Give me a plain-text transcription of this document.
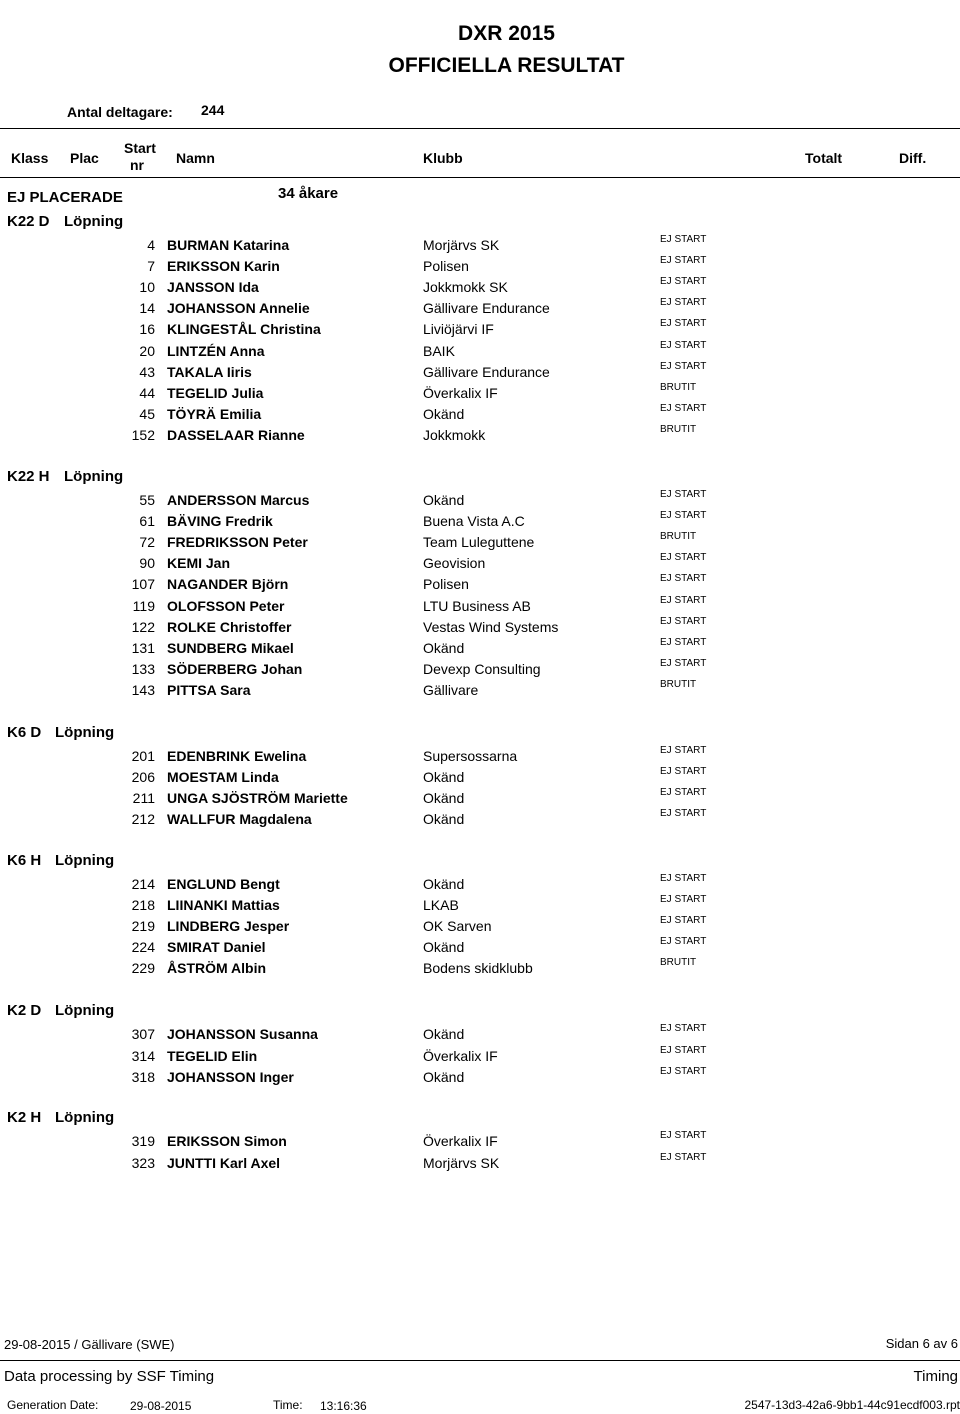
DXR 2015
OFFICIELLA RESULTAT
Antal deltagare: 244
Klass Plac
Start
nr Namn	Klubb	Totalt	Diff.
EJ PLACERADE	34 åkare
K22 D Löpning
4 BURMAN Katarina	Morjärvs SK	EJ START
7 ERIKSSON Karin	Polisen	EJ START
10 JANSSON Ida	Jokkmokk SK	EJ START
14 JOHANSSON Annelie	Gällivare Endurance	EJ START
16 KLINGESTÅL Christina	Liviöjärvi IF	EJ START
20 LINTZÉN Anna	BAIK	EJ START
43 TAKALA Iiris	Gällivare Endurance	EJ START
44 TEGELID Julia	Överkalix IF	BRUTIT
45 TÖYRÄ Emilia	Okänd	EJ START
152 DASSELAAR Rianne	Jokkmokk	BRUTIT
K22 H Löpning
55 ANDERSSON Marcus	Okänd	EJ START
61 BÄVING Fredrik	Buena Vista A.C	EJ START
72 FREDRIKSSON Peter	Team Luleguttene	BRUTIT
90 KEMI Jan	Geovision	EJ START
107 NAGANDER Björn	Polisen	EJ START
119 OLOFSSON Peter	LTU Business AB	EJ START
122 ROLKE Christoffer	Vestas Wind Systems	EJ START
131 SUNDBERG Mikael	Okänd	EJ START
133 SÖDERBERG Johan	Devexp Consulting	EJ START
143 PITTSA Sara	Gällivare	BRUTIT
K6 D Löpning
201 EDENBRINK Ewelina	Supersossarna	EJ START
206 MOESTAM Linda	Okänd	EJ START
211 UNGA SJÖSTRÖM Mariette	Okänd	EJ START
212 WALLFUR Magdalena	Okänd	EJ START
K6 H Löpning
214 ENGLUND Bengt	Okänd	EJ START
218 LIINANKI Mattias	LKAB	EJ START
219 LINDBERG Jesper	OK Sarven	EJ START
224 SMIRAT Daniel	Okänd	EJ START
229 ÅSTRÖM Albin	Bodens skidklubb	BRUTIT
K2 D Löpning
307 JOHANSSON Susanna	Okänd	EJ START
314 TEGELID Elin	Överkalix IF	EJ START
318 JOHANSSON Inger	Okänd	EJ START
K2 H Löpning
319 ERIKSSON Simon	Överkalix IF	EJ START
323 JUNTTI Karl Axel	Morjärvs SK	EJ START
29-08-2015 / Gällivare (SWE)	Sidan 6 av 6
Data processing by SSF Timing	Timing
Generation Date:	29-08-2015	Time: 13:16:36	2547-13d3-42a6-9bb1-44c91ecdf003.rpt
